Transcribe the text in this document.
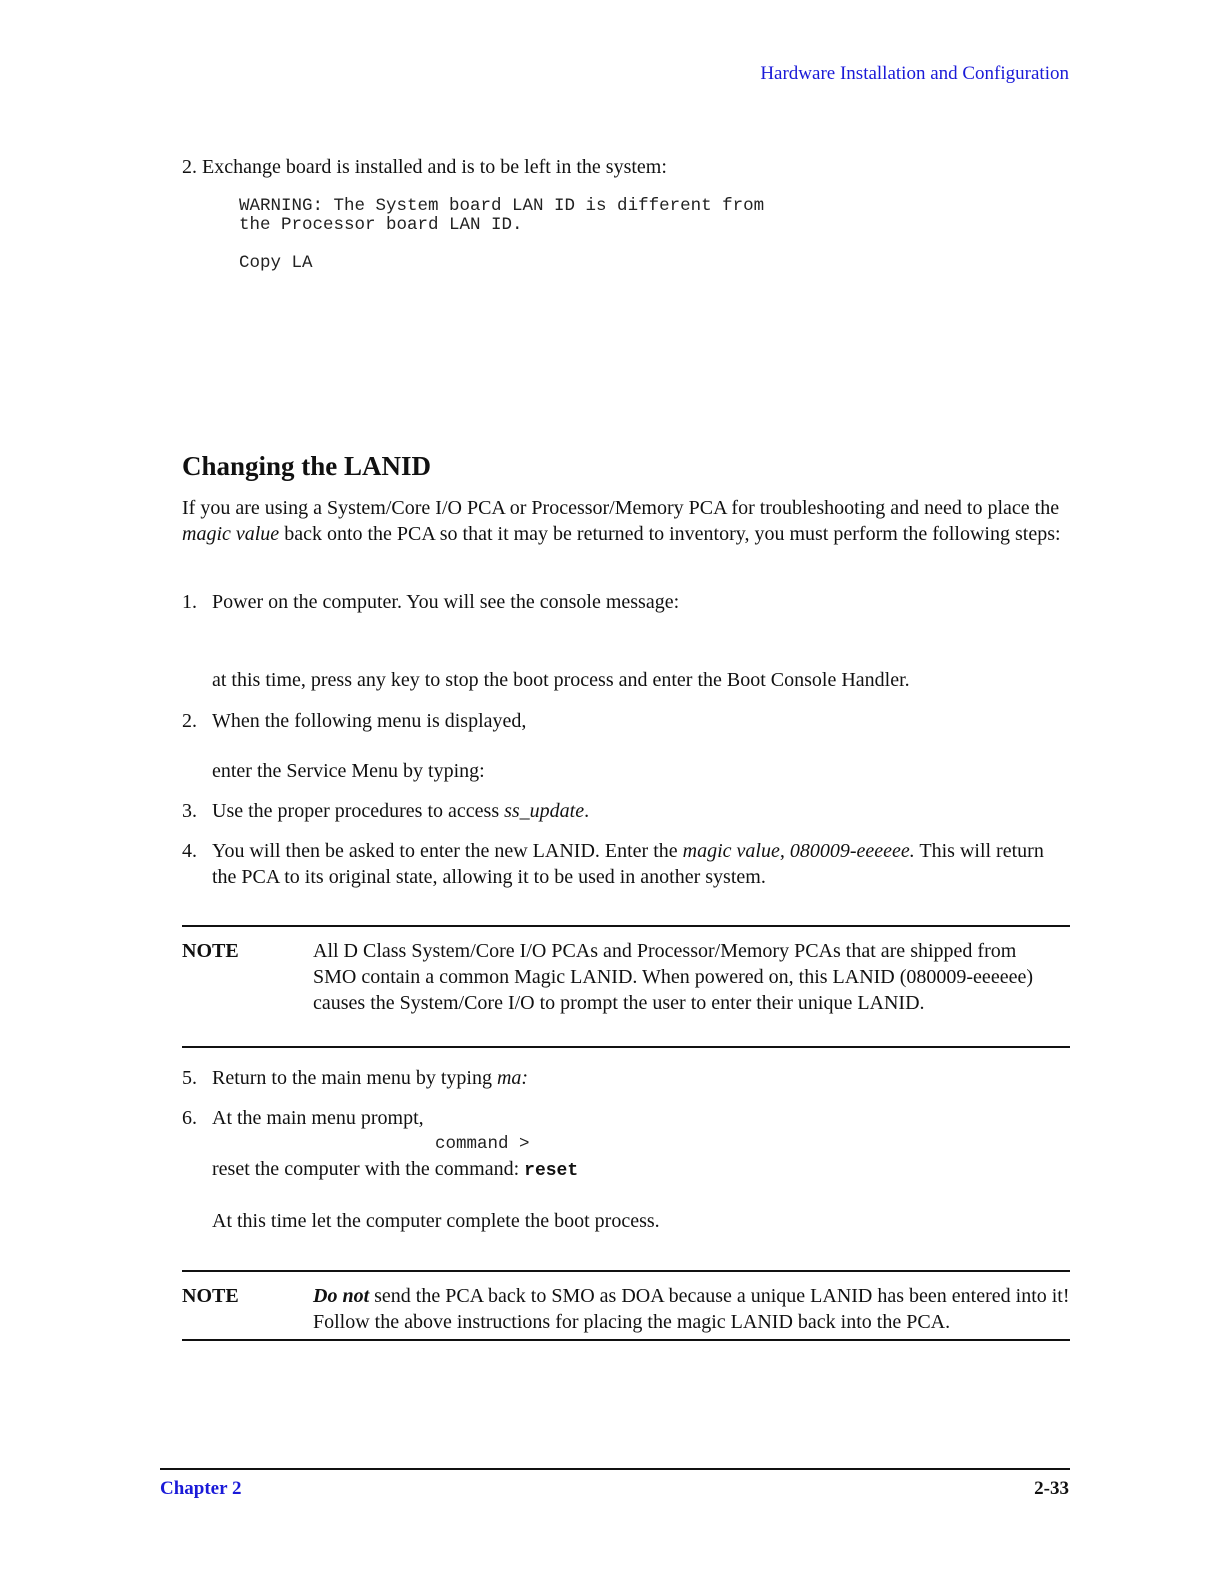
Hardware Installation and Configuration
2. Exchange board is installed and is to be left in the system:
WARNING: The System board LAN ID is different from
the Processor board LAN ID.
Copy LA
Changing the LANID
If you are using a System/Core I/O PCA or Processor/Memory PCA for troubleshooting and need to place the magic value back onto the PCA so that it may be returned to inventory, you must perform the following steps:
1. Power on the computer. You will see the console message:
at this time, press any key to stop the boot process and enter the Boot Console Handler.
2. When the following menu is displayed,
enter the Service Menu by typing:
3. Use the proper procedures to access ss_update.
4. You will then be asked to enter the new LANID. Enter the magic value, 080009-eeeeee. This will return the PCA to its original state, allowing it to be used in another system.
NOTE	All D Class System/Core I/O PCAs and Processor/Memory PCAs that are shipped from SMO contain a common Magic LANID. When powered on, this LANID (080009-eeeeee) causes the System/Core I/O to prompt the user to enter their unique LANID.
5. Return to the main menu by typing ma:
6. At the main menu prompt,
command >
reset the computer with the command: reset
At this time let the computer complete the boot process.
NOTE	Do not send the PCA back to SMO as DOA because a unique LANID has been entered into it! Follow the above instructions for placing the magic LANID back into the PCA.
Chapter 2	2-33
